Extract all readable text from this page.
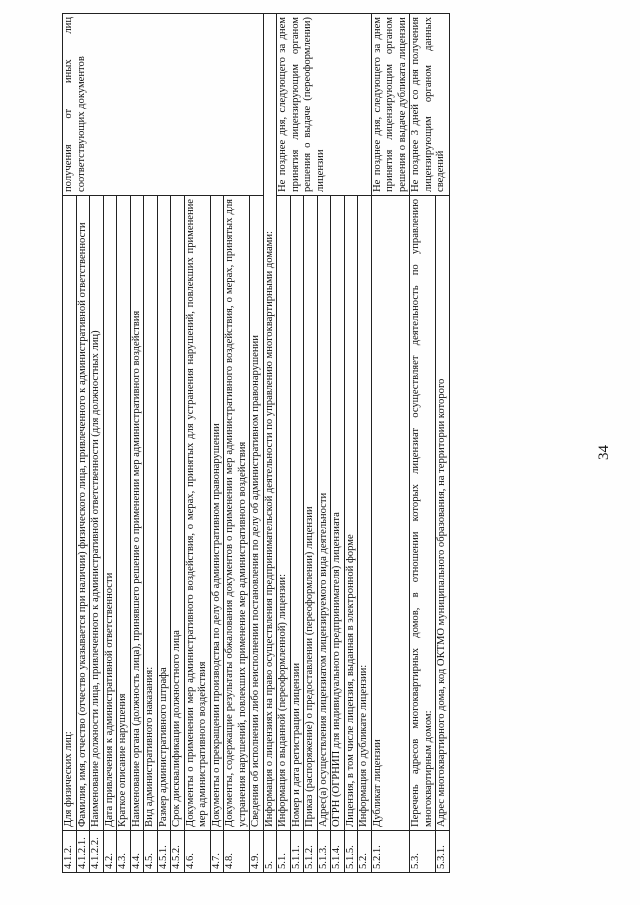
34
4.1.2.	Для физических лиц:	получения от иных лиц соответствующих документов
4.1.2.1.	Фамилия, имя, отчество (отчество указывается при наличии) физического лица, привлеченного к административной ответственности	
4.1.2.2.	Наименование должности лица, привлеченного к административной ответственности (для должностных лиц)	
4.2.	Дата привлечения к административной ответственности	
4.3.	Краткое описание нарушения	
4.4.	Наименование органа (должность лица), принявшего решение о применении мер административного воздействия	
4.5.	Вид административного наказания:	
4.5.1.	Размер административного штрафа	
4.5.2.	Срок дисквалификации должностного лица	
4.6.	Документы о применении мер административного воздействия, о мерах, принятых для устранения нарушений, повлекших применение мер административного воздействия	
4.7.	Документы о прекращении производства по делу об административном правонарушении	
4.8.	Документы, содержащие результаты обжалования документов о применении мер административного воздействия, о мерах, принятых для устранения нарушений, повлекших применение мер административного воздействия	
4.9.	Сведения об исполнении либо неисполнении постановления по делу об административном правонарушении	
5.	Информация о лицензиях на право осуществления предпринимательской деятельности по управлению многоквартирными домами:	
5.1.	Информация о выданной (переоформленной) лицензии:	Не позднее дня, следующего за днем принятия лицензирующим органом решения о выдаче (переоформлении) лицензии
5.1.1.	Номер и дата регистрации лицензии	
5.1.2.	Приказ (распоряжение) о предоставлении (переоформлении) лицензии	
5.1.3.	Адрес(а) осуществления лицензиатом лицензируемого вида деятельности	
5.1.4.	ОГРН (ОГРНИП для индивидуального предпринимателя) лицензиата	
5.1.5.	Лицензия, в том числе лицензия, выданная в электронной форме	
5.2.	Информация о дубликате лицензии:	
5.2.1.	Дубликат лицензии	Не позднее дня, следующего за днем принятия лицензирующим органом решения о выдаче дубликата лицензии
5.3.	Перечень адресов многоквартирных домов, в отношении которых лицензиат осуществляет деятельность по управлению многоквартирным домом:	Не позднее 3 дней со дня получения лицензирующим органом данных сведений
5.3.1.	Адрес многоквартирного дома, код ОКТМО муниципального образования, на территории которого	
